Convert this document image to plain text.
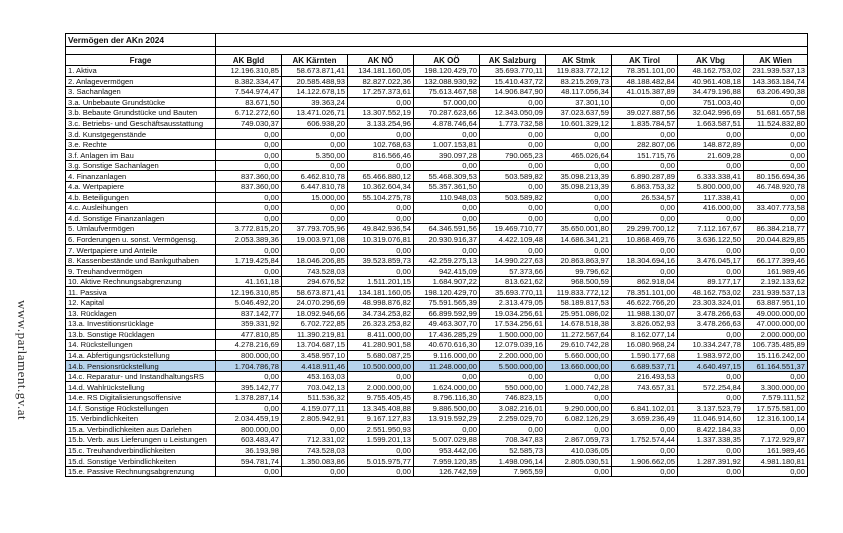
www.parlament.gv.at
Vermögen der AKn 2024									

Frage	AK Bgld	AK Kärnten	AK NÖ	AK OÖ	AK Salzburg	AK Stmk	AK Tirol	AK Vbg	AK Wien
1. Aktiva	12.196.310,85	58.673.871,41	134.181.160,05	198.120.429,70	35.693.770,11	119.833.772,12	78.351.101,00	48.162.753,02	231.939.537,13
2. Anlagevermögen	8.382.334,47	20.585.488,93	82.827.022,36	132.088.930,92	15.410.437,72	83.215.269,73	48.188.482,84	40.961.408,18	143.363.184,74
3. Sachanlagen	7.544.974,47	14.122.678,15	17.257.373,61	75.613.467,58	14.906.847,90	48.117.056,34	41.015.387,89	34.479.196,88	63.206.490,38
3.a. Unbebaute Grundstücke	83.671,50	39.363,24	0,00	57.000,00	0,00	37.301,10	0,00	751.003,40	0,00
3.b. Bebaute Grundstücke und Bauten	6.712.272,60	13.471.026,71	13.307.552,19	70.287.623,66	12.343.050,09	37.023.637,59	39.027.887,56	32.042.996,69	51.681.657,58
3.c. Betriebs- und Geschäftsausstattung	749.030,37	606.938,20	3.133.254,96	4.878.746,64	1.773.732,58	10.601.329,12	1.835.784,57	1.663.587,51	11.524.832,80
3.d. Kunstgegenstände	0,00	0,00	0,00	0,00	0,00	0,00	0,00	0,00	0,00
3.e. Rechte	0,00	0,00	102.768,63	1.007.153,81	0,00	0,00	282.807,06	148.872,89	0,00
3.f. Anlagen im Bau	0,00	5.350,00	816.566,46	390.097,28	790.065,23	465.026,64	151.715,76	21.609,28	0,00
3.g. Sonstige Sachanlagen	0,00	0,00	0,00	0,00	0,00	0,00	0,00	0,00	0,00
4. Finanzanlagen	837.360,00	6.462.810,78	65.466.880,12	55.468.309,53	503.589,82	35.098.213,39	6.890.287,89	6.333.338,41	80.156.694,36
4.a. Wertpapiere	837.360,00	6.447.810,78	10.362.604,34	55.357.361,50	0,00	35.098.213,39	6.863.753,32	5.800.000,00	46.748.920,78
4.b. Beteiligungen	0,00	15.000,00	55.104.275,78	110.948,03	503.589,82	0,00	26.534,57	117.338,41	0,00
4.c. Ausleihungen	0,00	0,00	0,00	0,00	0,00	0,00	0,00	416.000,00	33.407.773,58
4.d. Sonstige Finanzanlagen	0,00	0,00	0,00	0,00	0,00	0,00	0,00	0,00	0,00
5. Umlaufvermögen	3.772.815,20	37.793.705,96	49.842.936,54	64.346.591,56	19.469.710,77	35.650.001,80	29.299.700,12	7.112.167,67	86.384.218,77
6. Forderungen u. sonst. Vermögensg.	2.053.389,36	19.003.971,08	10.319.076,81	20.930.916,37	4.422.109,48	14.686.341,21	10.868.469,76	3.636.122,50	20.044.829,85
7. Wertpapiere und Anteile	0,00	0,00	0,00	0,00	0,00	0,00	0,00	0,00	0,00
8. Kassenbestände und Bankguthaben	1.719.425,84	18.046.206,85	39.523.859,73	42.259.275,13	14.990.227,63	20.863.863,97	18.304.694,16	3.476.045,17	66.177.399,46
9. Treuhandvermögen	0,00	743.528,03	0,00	942.415,09	57.373,66	99.796,62	0,00	0,00	161.989,46
10. Aktive Rechnungsabgrenzung	41.161,18	294.676,52	1.511.201,15	1.684.907,22	813.621,62	968.500,59	862.918,04	89.177,17	2.192.133,62
11. Passiva	12.196.310,85	58.673.871,41	134.181.160,05	198.120.429,70	35.693.770,11	119.833.772,12	78.351.101,00	48.162.753,02	231.939.537,13
12. Kapital	5.046.492,20	24.070.296,69	48.998.876,82	75.591.565,39	2.313.479,05	58.189.817,53	46.622.766,20	23.303.324,01	63.887.951,10
13. Rücklagen	837.142,77	18.092.946,66	34.734.253,82	66.899.592,99	19.034.256,61	25.951.086,02	11.988.130,07	3.478.266,63	49.000.000,00
13.a. Investitionsrücklage	359.331,92	6.702.722,85	26.323.253,82	49.463.307,70	17.534.256,61	14.678.518,38	3.826.052,93	3.478.266,63	47.000.000,00
13.b. Sonstige Rücklagen	477.810,85	11.390.219,81	8.411.000,00	17.436.285,29	1.500.000,00	11.272.567,64	8.162.077,14	0,00	2.000.000,00
14. Rückstellungen	4.278.216,69	13.704.687,15	41.280.901,58	40.670.616,30	12.079.039,16	29.610.742,28	16.080.968,24	10.334.247,78	106.735.485,89
14.a. Abfertigungsrückstellung	800.000,00	3.458.957,10	5.680.087,25	9.116.000,00	2.200.000,00	5.660.000,00	1.590.177,68	1.983.972,00	15.116.242,00
14.b. Pensionsrückstellung	1.704.786,78	4.418.911,46	10.500.000,00	11.248.000,00	5.500.000,00	13.660.000,00	6.689.537,71	4.640.497,15	61.164.551,37
14.c. Reparatur- und InstandhaltungsRS	0,00	453.163,03	0,00	0,00	0,00	0,00	216.493,53	0,00	0,00
14.d. Wahlrückstellung	395.142,77	703.042,13	2.000.000,00	1.624.000,00	550.000,00	1.000.742,28	743.657,31	572.254,84	3.300.000,00
14.e. RS Digitalisierungsoffensive	1.378.287,14	511.536,32	9.755.405,45	8.796.116,30	746.823,15	0,00		0,00	7.579.111,52
14.f. Sonstige Rückstellungen	0,00	4.159.077,11	13.345.408,88	9.886.500,00	3.082.216,01	9.290.000,00	6.841.102,01	3.137.523,79	17.575.581,00
15. Verbindlichkeiten	2.034.459,19	2.805.942,91	9.167.127,83	13.919.592,29	2.259.029,70	6.082.126,29	3.659.236,49	11.046.914,60	12.316.100,14
15.a. Verbindlichkeiten aus Darlehen	800.000,00	0,00	2.551.950,93	0,00	0,00	0,00	0,00	8.422.184,33	0,00
15.b. Verb. aus Lieferungen u Leistungen	603.483,47	712.331,02	1.599.201,13	5.007.029,88	708.347,83	2.867.059,73	1.752.574,44	1.337.338,35	7.172.929,87
15.c. Treuhandverbindlichkeiten	36.193,98	743.528,03	0,00	953.442,06	52.585,73	410.036,05	0,00	0,00	161.989,46
15.d. Sonstige Verbindlichkeiten	594.781,74	1.350.083,86	5.015.975,77	7.959.120,35	1.498.096,14	2.805.030,51	1.906.662,05	1.287.391,92	4.981.180,81
15.e. Passive Rechnungsabgrenzung	0,00	0,00	0,00	126.742,59	7.965,59	0,00	0,00	0,00	0,00
